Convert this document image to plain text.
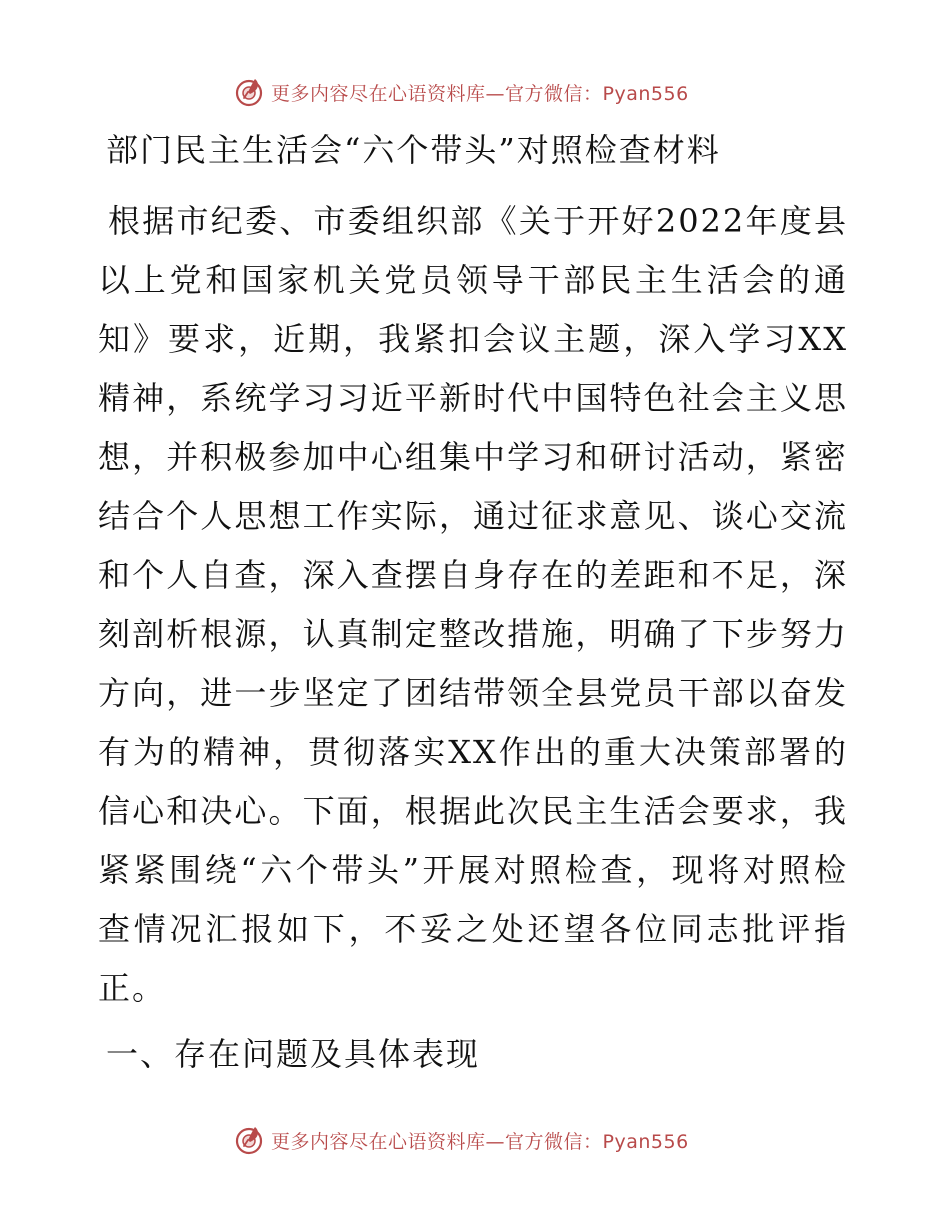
更多内容尽在心语资料库—官方微信：Pyan556
部门民主生活会“六个带头”对照检查材料

根据市纪委、市委组织部《关于开好2022年度县以上党和国家机关党员领导干部民主生活会的通知》要求，近期，我紧扣会议主题，深入学习XX精神，系统学习习近平新时代中国特色社会主义思想，并积极参加中心组集中学习和研讨活动，紧密结合个人思想工作实际，通过征求意见、谈心交流和个人自查，深入查摆自身存在的差距和不足，深刻剖析根源，认真制定整改措施，明确了下步努力方向，进一步坚定了团结带领全县党员干部以奋发有为的精神，贯彻落实XX作出的重大决策部署的信心和决心。下面，根据此次民主生活会要求，我紧紧围绕“六个带头”开展对照检查，现将对照检查情况汇报如下，不妥之处还望各位同志批评指正。

一、存在问题及具体表现
更多内容尽在心语资料库—官方微信：Pyan556
